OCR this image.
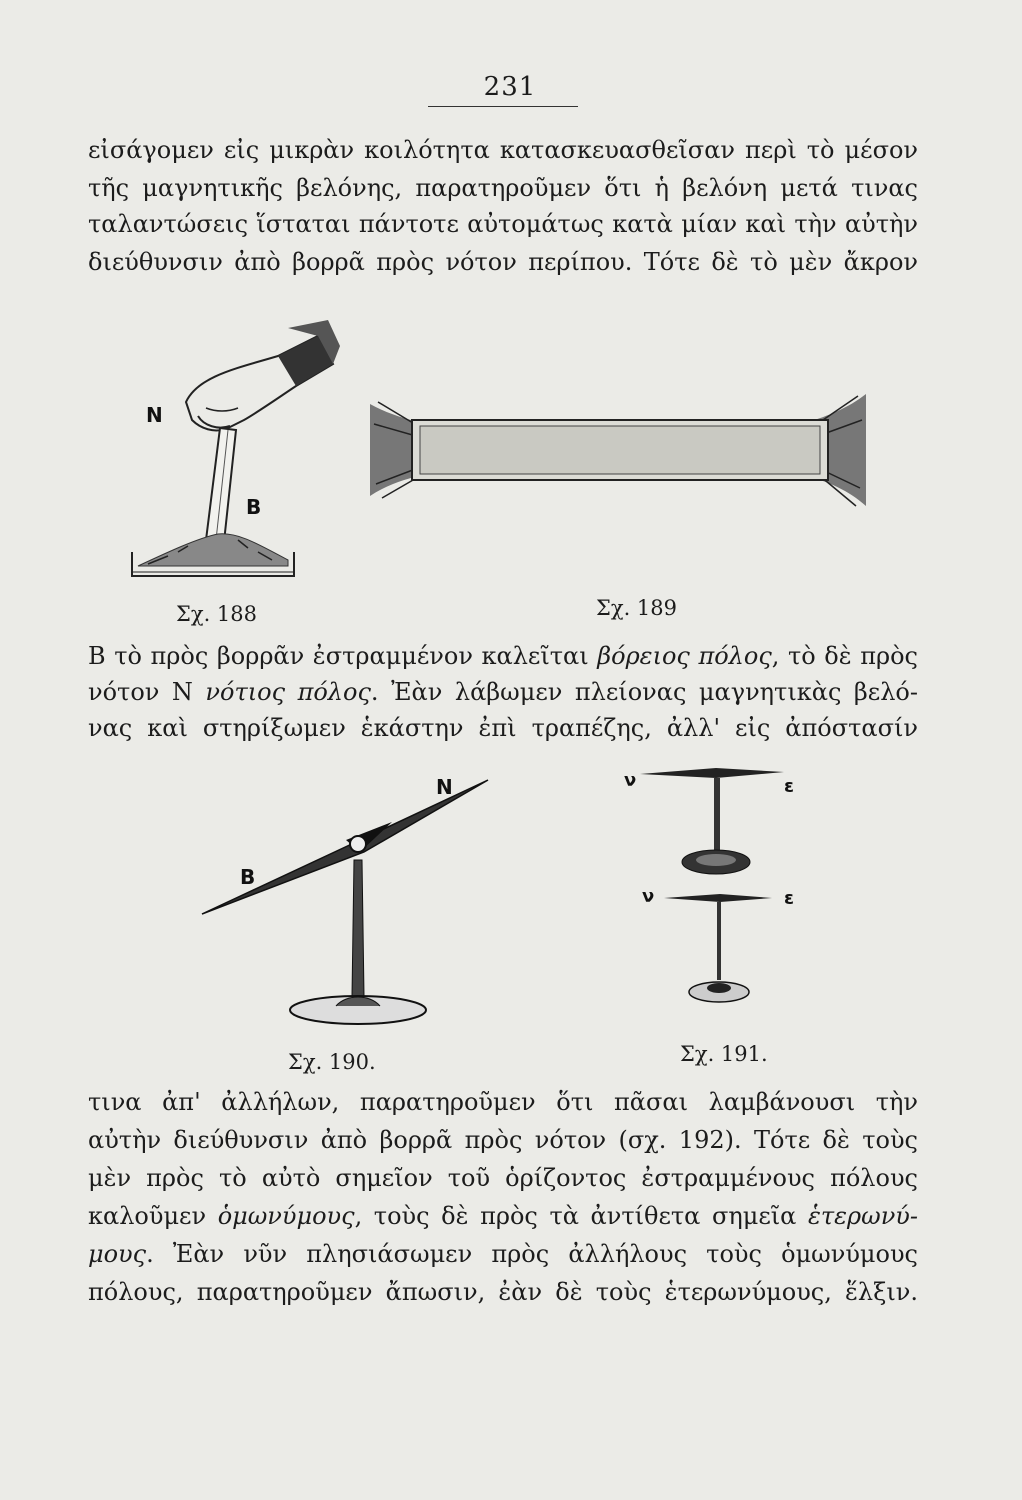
231
εἰσάγομεν εἰς μικρὰν κοιλότητα κατασκευασθεῖσαν περὶ τὸ μέσον
τῆς μαγνητικῆς βελόνης, παρατηροῦμεν ὅτι ἡ βελόνη μετά τινας
ταλαντώσεις ἵσταται πάντοτε αὐτομάτως κατὰ μίαν καὶ τὴν αὐτὴν
διεύθυνσιν ἀπὸ βορρᾶ πρὸς νότον περίπου. Τότε δὲ τὸ μὲν ἄκρον
N
B
Σχ. 188	Σχ. 189
Β τὸ πρὸς βορρᾶν ἐστραμμένον καλεῖται βόρειος πόλος, τὸ δὲ πρὸς
νότον Ν νότιος πόλος. Ἐὰν λάβωμεν πλείονας μαγνητικὰς βελό-
νας καὶ στηρίξωμεν ἑκάστην ἐπὶ τραπέζης, ἀλλ' εἰς ἀπόστασίν
N
B
Σχ. 190.
ν	ε
ν	ε
Σχ. 191.
τινα ἀπ' ἀλλήλων, παρατηροῦμεν ὅτι πᾶσαι λαμβάνουσι τὴν
αὐτὴν διεύθυνσιν ἀπὸ βορρᾶ πρὸς νότον (σχ. 192). Τότε δὲ τοὺς
μὲν πρὸς τὸ αὐτὸ σημεῖον τοῦ ὁρίζοντος ἐστραμμένους πόλους
καλοῦμεν ὁμωνύμους, τοὺς δὲ πρὸς τὰ ἀντίθετα σημεῖα ἑτερωνύ-
μους. Ἐὰν νῦν πλησιάσωμεν πρὸς ἀλλήλους τοὺς ὁμωνύμους
πόλους, παρατηροῦμεν ἄπωσιν, ἐὰν δὲ τοὺς ἑτερωνύμους, ἕλξιν.
